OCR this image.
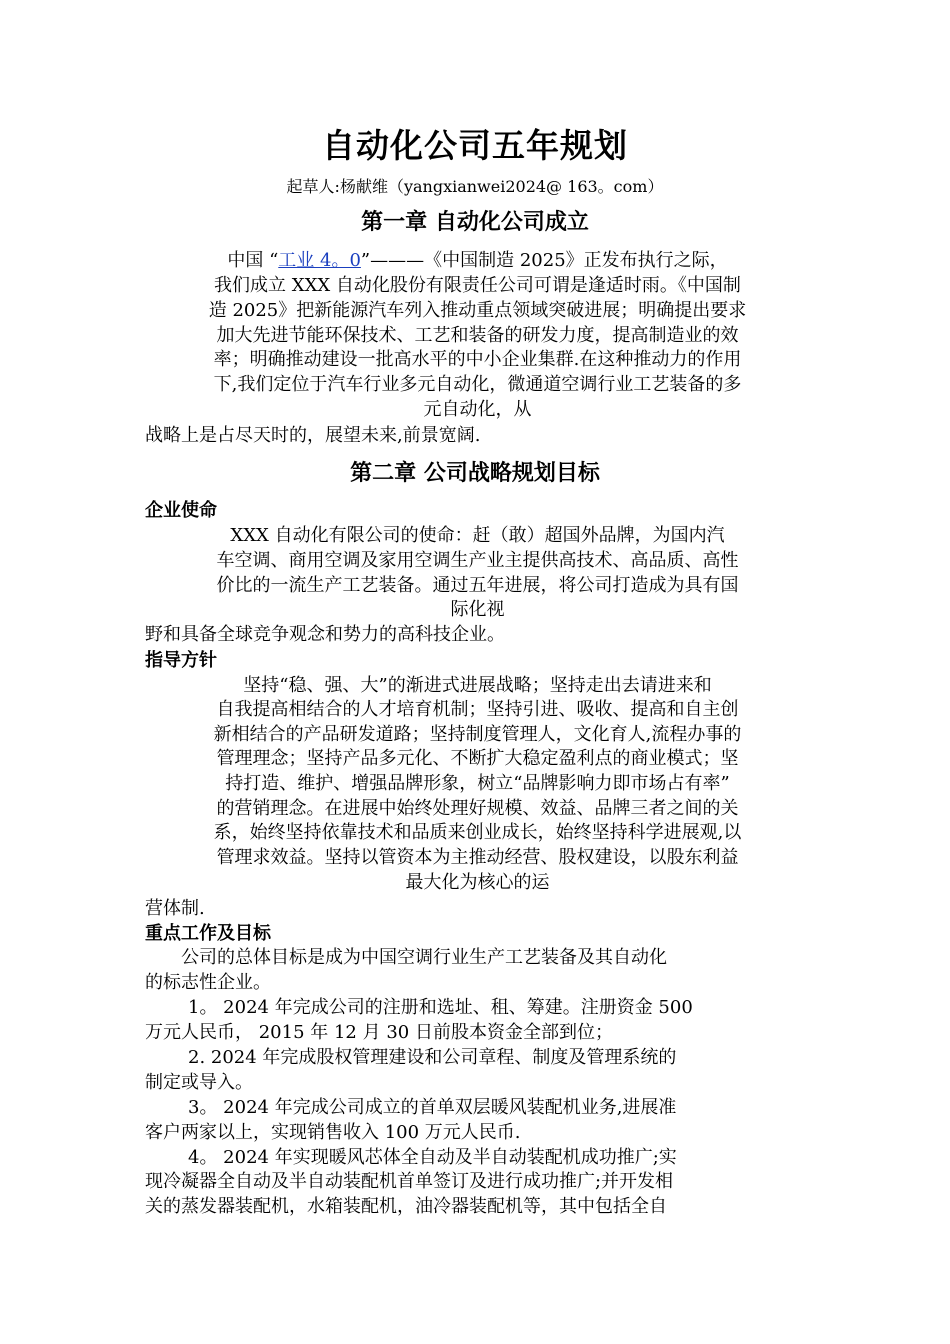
自动化公司五年规划
起草人:杨献维（yangxianwei2024@ 163。com）
第一章 自动化公司成立
中国 “工业 4。0”———《中国制造 2025》正发布执行之际，
我们成立 XXX 自动化股份有限责任公司可谓是逢适时雨。《中国制
造 2025》把新能源汽车列入推动重点领域突破进展；明确提出要求
加大先进节能环保技术、工艺和装备的研发力度，提高制造业的效
率；明确推动建设一批高水平的中小企业集群.在这种推动力的作用
下,我们定位于汽车行业多元自动化，微通道空调行业工艺装备的多
元自动化，从
战略上是占尽天时的，展望未来,前景宽阔.
第二章 公司战略规划目标
企业使命
XXX 自动化有限公司的使命：赶（敢）超国外品牌，为国内汽
车空调、商用空调及家用空调生产业主提供高技术、高品质、高性
价比的一流生产工艺装备。通过五年进展，将公司打造成为具有国
际化视
野和具备全球竞争观念和势力的高科技企业。
指导方针
坚持“稳、强、大”的渐进式进展战略；坚持走出去请进来和
自我提高相结合的人才培育机制；坚持引进、吸收、提高和自主创
新相结合的产品研发道路；坚持制度管理人，文化育人,流程办事的
管理理念；坚持产品多元化、不断扩大稳定盈利点的商业模式；坚
持打造、维护、增强品牌形象，树立“品牌影响力即市场占有率”
的营销理念。在进展中始终处理好规模、效益、品牌三者之间的关
系，始终坚持依靠技术和品质来创业成长，始终坚持科学进展观,以
管理求效益。坚持以管资本为主推动经营、股权建设，以股东利益
最大化为核心的运
营体制.
重点工作及目标
公司的总体目标是成为中国空调行业生产工艺装备及其自动化
的标志性企业。
1。 2024 年完成公司的注册和选址、租、筹建。注册资金 500
万元人民币， 2015 年 12 月 30 日前股本资金全部到位；
2. 2024 年完成股权管理建设和公司章程、制度及管理系统的
制定或导入。
3。 2024 年完成公司成立的首单双层暖风装配机业务,进展准
客户两家以上，实现销售收入 100 万元人民币.
4。 2024 年实现暖风芯体全自动及半自动装配机成功推广;实
现冷凝器全自动及半自动装配机首单签订及进行成功推广;并开发相
关的蒸发器装配机，水箱装配机，油冷器装配机等，其中包括全自
